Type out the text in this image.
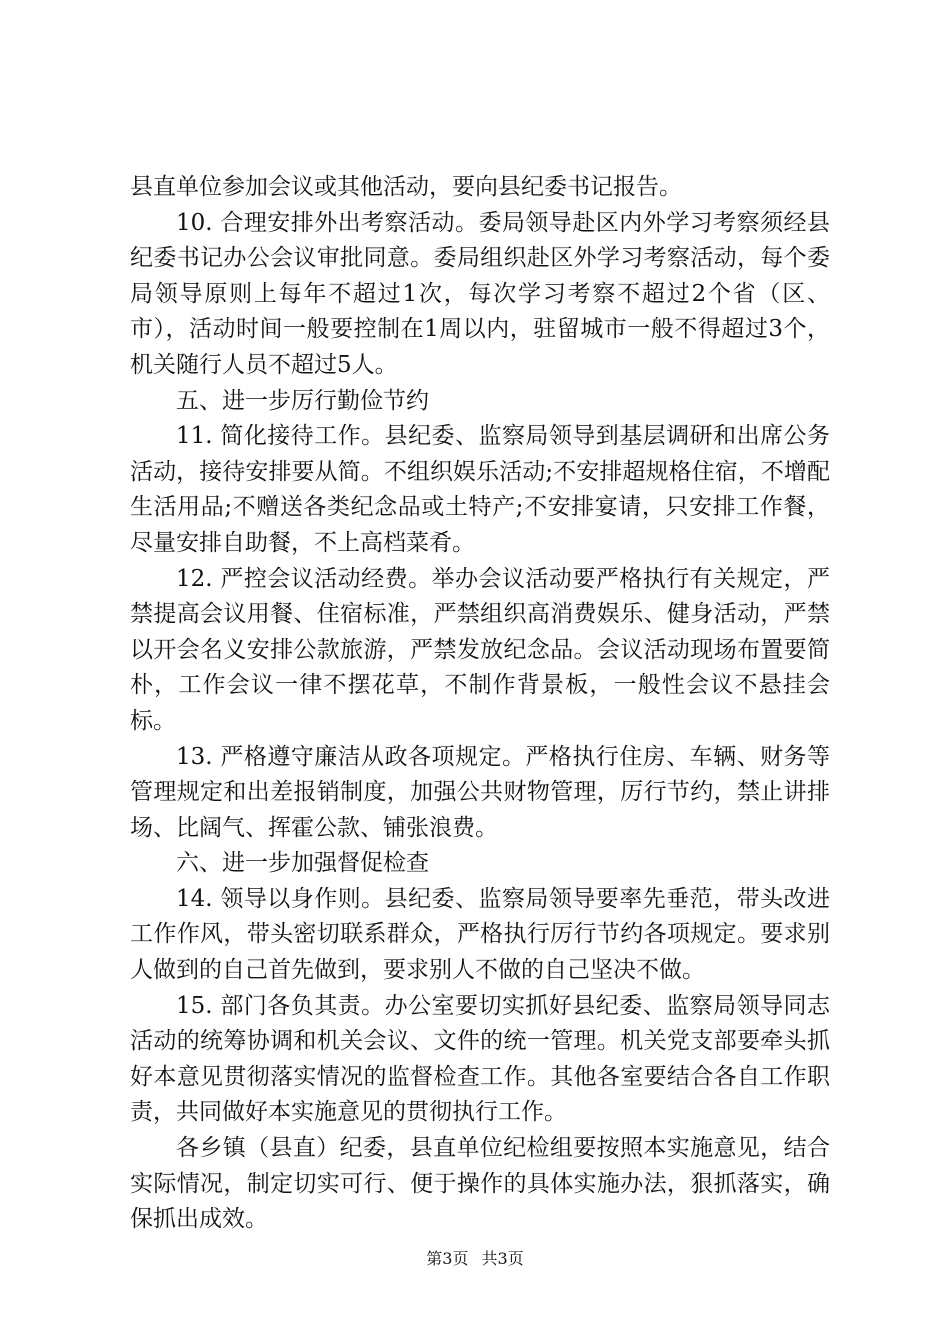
县直单位参加会议或其他活动，要向县纪委书记报告。

10. 合理安排外出考察活动。委局领导赴区内外学习考察须经县纪委书记办公会议审批同意。委局组织赴区外学习考察活动，每个委局领导原则上每年不超过1次，每次学习考察不超过2个省（区、市），活动时间一般要控制在1周以内，驻留城市一般不得超过3个，机关随行人员不超过5人。

五、进一步厉行勤俭节约

11. 简化接待工作。县纪委、监察局领导到基层调研和出席公务活动，接待安排要从简。不组织娱乐活动;不安排超规格住宿，不增配生活用品;不赠送各类纪念品或土特产;不安排宴请，只安排工作餐，尽量安排自助餐，不上高档菜肴。

12. 严控会议活动经费。举办会议活动要严格执行有关规定，严禁提高会议用餐、住宿标准，严禁组织高消费娱乐、健身活动，严禁以开会名义安排公款旅游，严禁发放纪念品。会议活动现场布置要简朴，工作会议一律不摆花草，不制作背景板，一般性会议不悬挂会标。

13. 严格遵守廉洁从政各项规定。严格执行住房、车辆、财务等管理规定和出差报销制度，加强公共财物管理，厉行节约，禁止讲排场、比阔气、挥霍公款、铺张浪费。

六、进一步加强督促检查

14. 领导以身作则。县纪委、监察局领导要率先垂范，带头改进工作作风，带头密切联系群众，严格执行厉行节约各项规定。要求别人做到的自己首先做到，要求别人不做的自己坚决不做。

15. 部门各负其责。办公室要切实抓好县纪委、监察局领导同志活动的统筹协调和机关会议、文件的统一管理。机关党支部要牵头抓好本意见贯彻落实情况的监督检查工作。其他各室要结合各自工作职责，共同做好本实施意见的贯彻执行工作。

各乡镇（县直）纪委，县直单位纪检组要按照本实施意见，结合实际情况，制定切实可行、便于操作的具体实施办法，狠抓落实，确保抓出成效。

第3页 共3页
